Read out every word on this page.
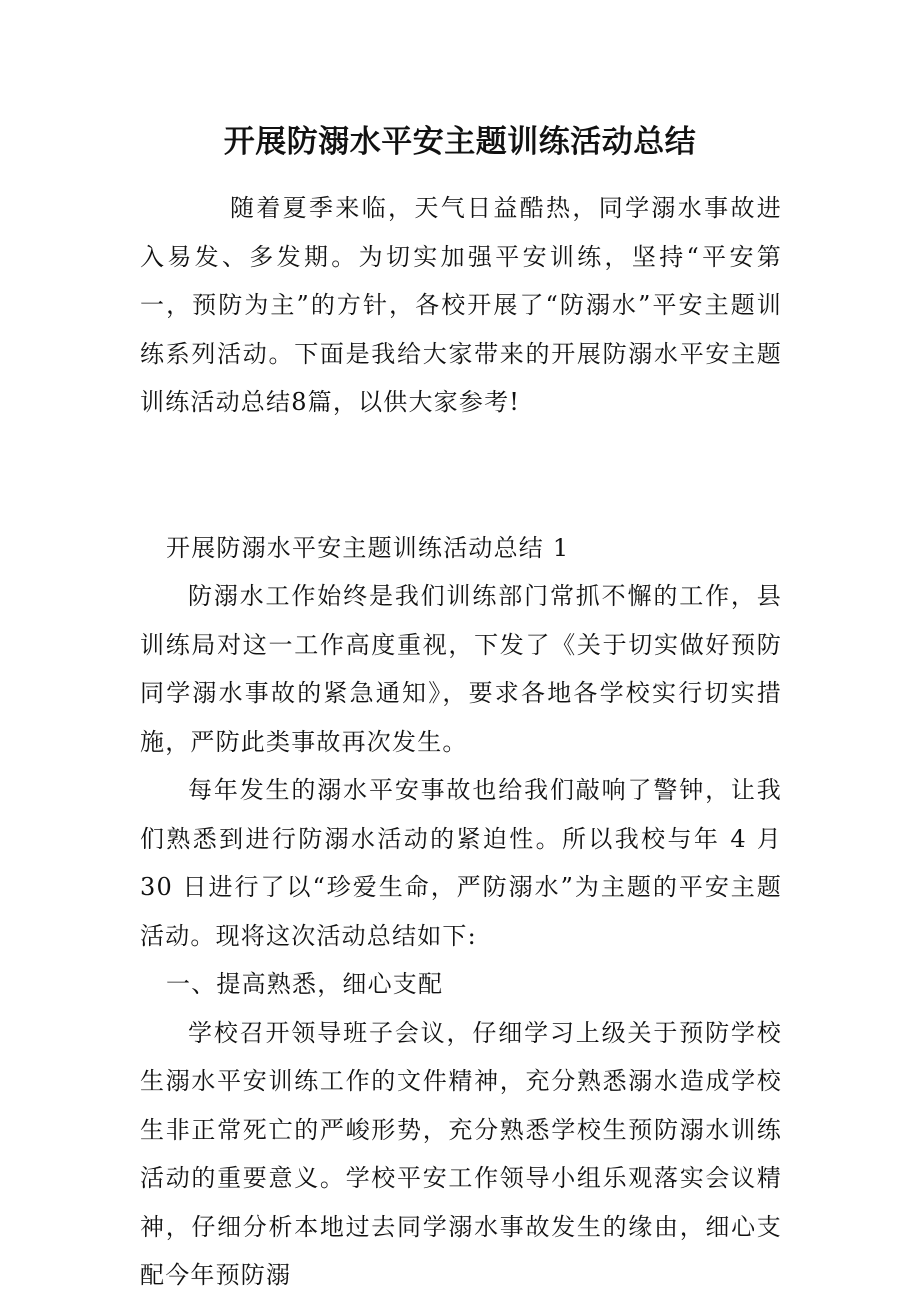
开展防溺水平安主题训练活动总结

随着夏季来临，天气日益酷热，同学溺水事故进入易发、多发期。为切实加强平安训练，坚持“平安第一，预防为主”的方针，各校开展了“防溺水”平安主题训练系列活动。下面是我给大家带来的开展防溺水平安主题训练活动总结8篇，以供大家参考!

开展防溺水平安主题训练活动总结 1

防溺水工作始终是我们训练部门常抓不懈的工作，县训练局对这一工作高度重视，下发了《关于切实做好预防同学溺水事故的紧急通知》，要求各地各学校实行切实措施，严防此类事故再次发生。

每年发生的溺水平安事故也给我们敲响了警钟，让我们熟悉到进行防溺水活动的紧迫性。所以我校与年 4 月 30 日进行了以“珍爱生命，严防溺水”为主题的平安主题活动。现将这次活动总结如下:

一、提高熟悉，细心支配

学校召开领导班子会议，仔细学习上级关于预防学校生溺水平安训练工作的文件精神，充分熟悉溺水造成学校生非正常死亡的严峻形势，充分熟悉学校生预防溺水训练活动的重要意义。学校平安工作领导小组乐观落实会议精神，仔细分析本地过去同学溺水事故发生的缘由，细心支配今年预防溺
